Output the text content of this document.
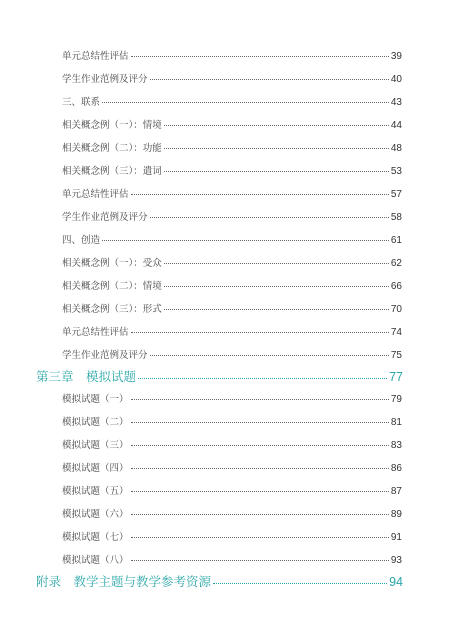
单元总结性评估	39
学生作业范例及评分	40
三、联系	43
相关概念例（一）：情境	44
相关概念例（二）：功能	48
相关概念例（三）：遣词	53
单元总结性评估	57
学生作业范例及评分	58
四、创造	61
相关概念例（一）：受众	62
相关概念例（二）：情境	66
相关概念例（三）：形式	70
单元总结性评估	74
学生作业范例及评分	75
第三章　模拟试题	77
模拟试题（一）	79
模拟试题（二）	81
模拟试题（三）	83
模拟试题（四）	86
模拟试题（五）	87
模拟试题（六）	89
模拟试题（七）	91
模拟试题（八）	93
附录　教学主题与教学参考资源	94
